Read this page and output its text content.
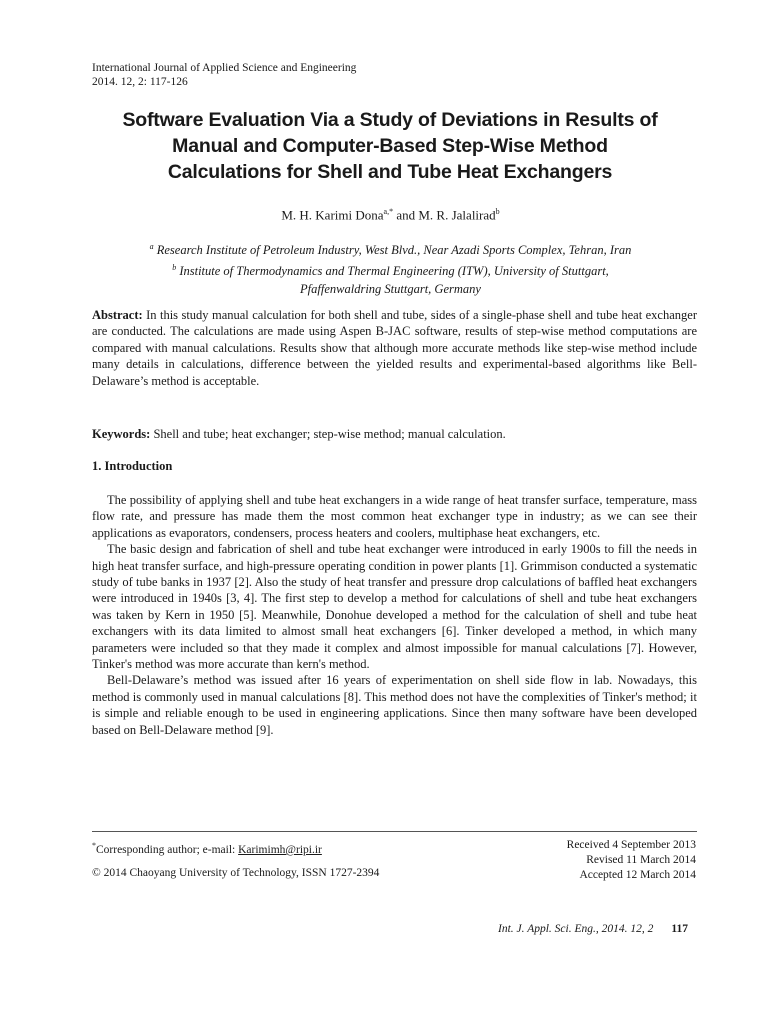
International Journal of Applied Science and Engineering
2014. 12, 2: 117-126
Software Evaluation Via a Study of Deviations in Results of
Manual and Computer-Based Step-Wise Method
Calculations for Shell and Tube Heat Exchangers
M. H. Karimi Dona$^{a,*}$ and M. R. Jalalirad$^b$
$^a$ Research Institute of Petroleum Industry, West Blvd., Near Azadi Sports Complex, Tehran, Iran
$^b$ Institute of Thermodynamics and Thermal Engineering (ITW), University of Stuttgart,
Pfaffenwaldring Stuttgart, Germany
Abstract: In this study manual calculation for both shell and tube, sides of a single-phase shell and tube heat exchanger are conducted. The calculations are made using Aspen B-JAC software, results of step-wise method computations are compared with manual calculations. Results show that although more accurate methods like step-wise method include many details in calculations, difference between the yielded results and experimental-based algorithms like Bell-Delaware’s method is acceptable.
Keywords: Shell and tube; heat exchanger; step-wise method; manual calculation.
1. Introduction

The possibility of applying shell and tube heat exchangers in a wide range of heat transfer surface, temperature, mass flow rate, and pressure has made them the most common heat exchanger type in industry; as we can see their applications as evaporators, condensers, process heaters and coolers, multiphase heat exchangers, etc.

The basic design and fabrication of shell and tube heat exchanger were introduced in early 1900s to fill the needs in high heat transfer surface, and high-pressure operating condition in power plants [1]. Grimmison conducted a systematic study of tube banks in 1937 [2]. Also the study of heat transfer and pressure drop calculations of baffled heat exchangers were introduced in 1940s [3, 4]. The first step to develop a method for calculations of shell and tube heat exchangers was taken by Kern in 1950 [5]. Meanwhile, Donohue developed a method for the calculation of shell and tube heat exchangers with its data limited to almost small heat exchangers [6]. Tinker developed a method, in which many parameters were included so that they made it complex and almost impossible for manual calculations [7]. However, Tinker's method was more accurate than kern's method.

Bell-Delaware’s method was issued after 16 years of experimentation on shell side flow in lab. Nowadays, this method is commonly used in manual calculations [8]. This method does not have the complexities of Tinker's method; it is simple and reliable enough to be used in engineering applications. Since then many software have been developed based on Bell-Delaware method [9].

*Corresponding author; e-mail: Karimimh@ripi.ir
© 2014 Chaoyang University of Technology, ISSN 1727-2394
Received 4 September 2013
Revised 11 March 2014
Accepted 12 March 2014
Int. J. Appl. Sci. Eng., 2014. 12, 2 117
